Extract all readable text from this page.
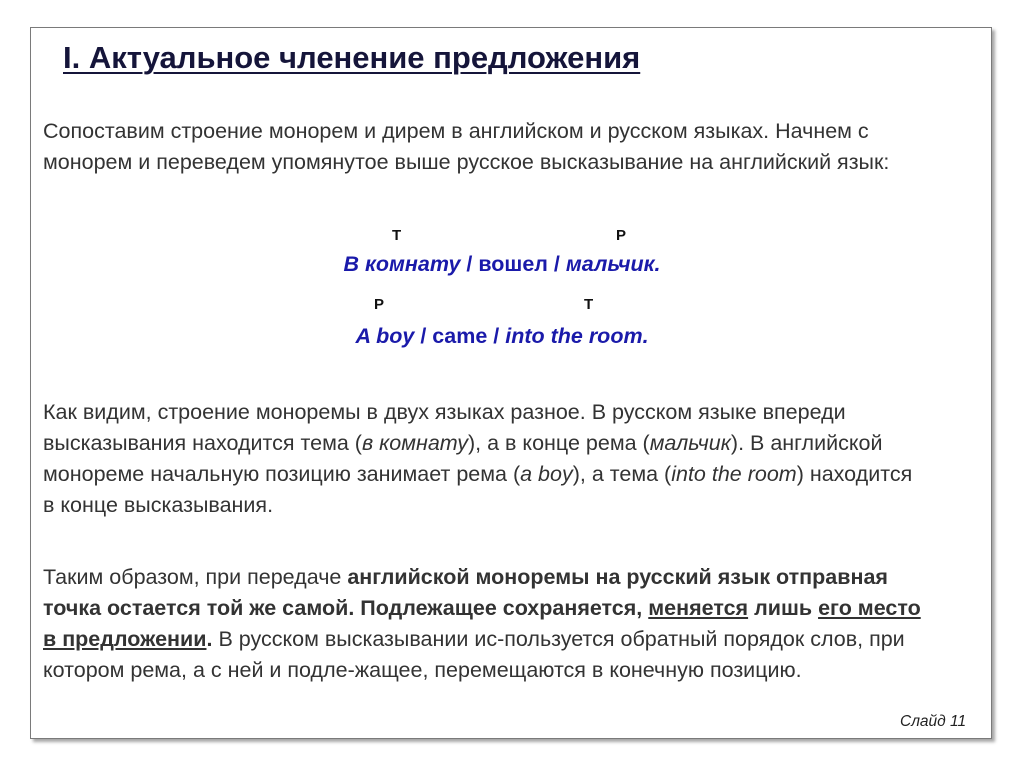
I. Актуальное членение предложения

Сопоставим строение монорем и дирем в английском и русском языках. Начнем с монорем и переведем упомянутое выше русское высказывание на английский язык:

Т	Р

В комнату / вошел / мальчик.

Р	Т

A boy / came / into the room.

Как видим, строение монoремы в двух языках разное. В русском языке впереди высказывания находится тема (в комнату), а в конце рема (мальчик). В английской монореме начальную позицию занимает рема (a boy), а тема (into the room) находится в конце высказывания.

Таким образом, при передаче английской монoремы на русский язык отправная точка остается той же самой. Подлежащее сохраняется, меняется лишь его место в предложении. В русском высказывании ис-пользуется обратный порядок слов, при котором рема, а с ней и подле-жащее, перемещаются в конечную позицию.

Слайд 11
